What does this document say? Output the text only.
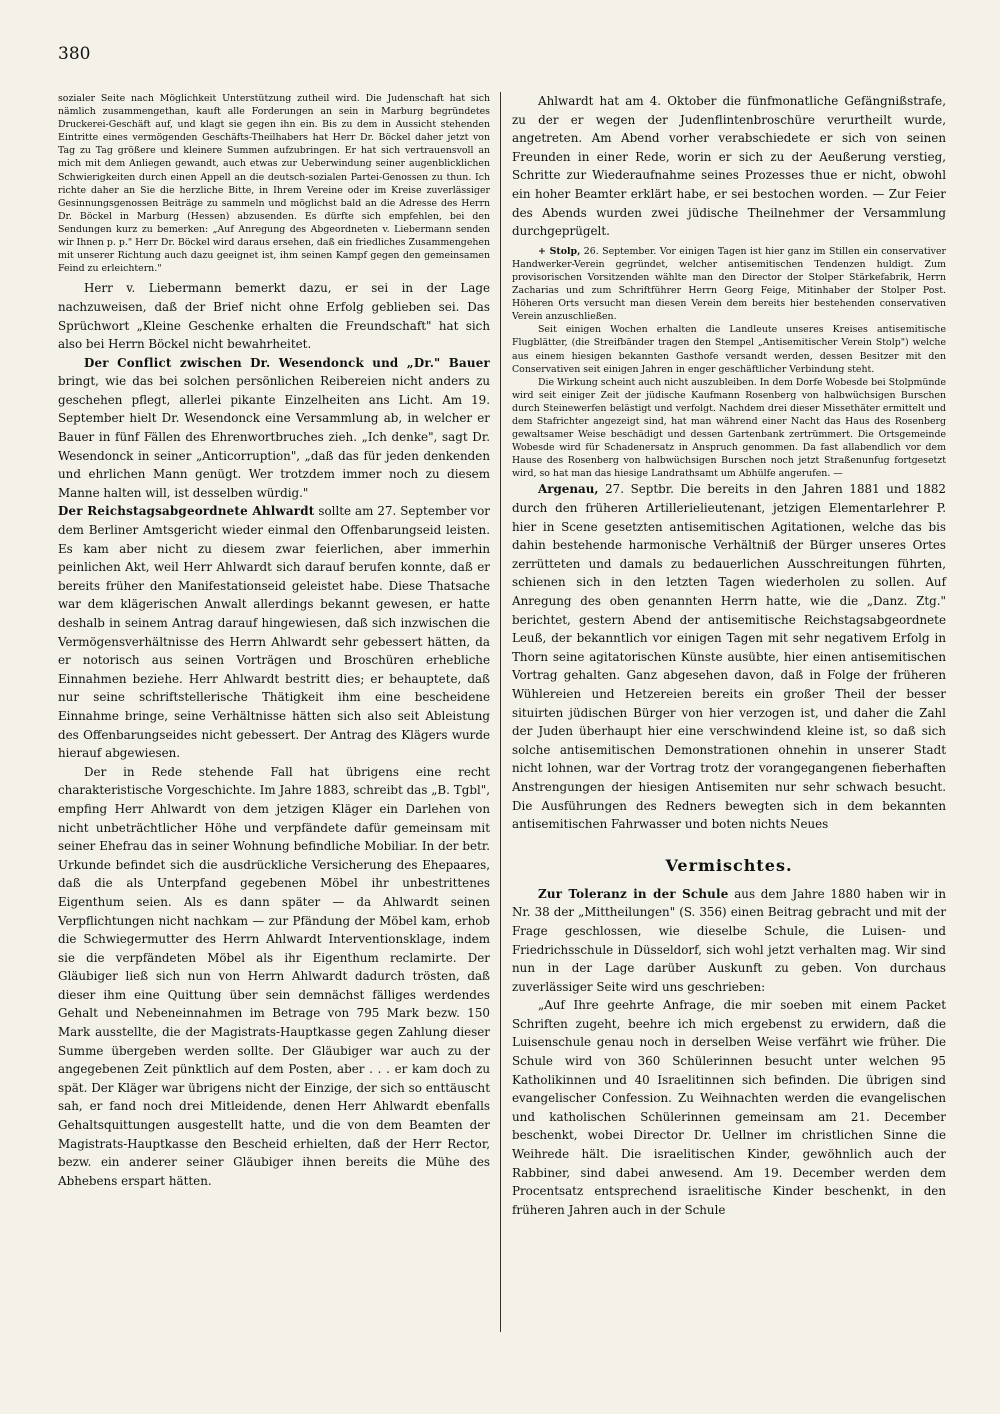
380

sozialer Seite nach Möglichkeit Unterstützung zutheil wird. Die Judenschaft hat sich nämlich zusammengethan, kauft alle Forderungen an sein in Marburg begründetes Druckerei-Geschäft auf, und klagt sie gegen ihn ein. Bis zu dem in Aussicht stehenden Eintritte eines vermögenden Geschäfts-Theilhabers hat Herr Dr. Böckel daher jetzt von Tag zu Tag größere und kleinere Summen aufzubringen. Er hat sich vertrauensvoll an mich mit dem Anliegen gewandt, auch etwas zur Ueberwindung seiner augenblicklichen Schwierigkeiten durch einen Appell an die deutsch-sozialen Partei-Genossen zu thun. Ich richte daher an Sie die herzliche Bitte, in Ihrem Vereine oder im Kreise zuverlässiger Gesinnungsgenossen Beiträge zu sammeln und möglichst bald an die Adresse des Herrn Dr. Böckel in Marburg (Hessen) abzusenden. Es dürfte sich empfehlen, bei den Sendungen kurz zu bemerken: „Auf Anregung des Abgeordneten v. Liebermann senden wir Ihnen p. p." Herr Dr. Böckel wird daraus ersehen, daß ein friedliches Zusammengehen mit unserer Richtung auch dazu geeignet ist, ihm seinen Kampf gegen den gemeinsamen Feind zu erleichtern."

Herr v. Liebermann bemerkt dazu, er sei in der Lage nachzuweisen, daß der Brief nicht ohne Erfolg geblieben sei. Das Sprüchwort „Kleine Geschenke erhalten die Freundschaft" hat sich also bei Herrn Böckel nicht bewahrheitet.

Der Conflict zwischen Dr. Wesendonck und „Dr." Bauer bringt, wie das bei solchen persönlichen Reibereien nicht anders zu geschehen pflegt, allerlei pikante Einzelheiten ans Licht. Am 19. September hielt Dr. Wesendonck eine Versammlung ab, in welcher er Bauer in fünf Fällen des Ehrenwortbruches zieh. „Ich denke", sagt Dr. Wesendonck in seiner „Anticorruption", „daß das für jeden denkenden und ehrlichen Mann genügt. Wer trotzdem immer noch zu diesem Manne halten will, ist desselben würdig."

Der Reichstagsabgeordnete Ahlwardt sollte am 27. September vor dem Berliner Amtsgericht wieder einmal den Offenbarungseid leisten. Es kam aber nicht zu diesem zwar feierlichen, aber immerhin peinlichen Akt, weil Herr Ahlwardt sich darauf berufen konnte, daß er bereits früher den Manifestationseid geleistet habe. Diese Thatsache war dem klägerischen Anwalt allerdings bekannt gewesen, er hatte deshalb in seinem Antrag darauf hingewiesen, daß sich inzwischen die Vermögensverhältnisse des Herrn Ahlwardt sehr gebessert hätten, da er notorisch aus seinen Vorträgen und Broschüren erhebliche Einnahmen beziehe. Herr Ahlwardt bestritt dies; er behauptete, daß nur seine schriftstellerische Thätigkeit ihm eine bescheidene Einnahme bringe, seine Verhältnisse hätten sich also seit Ableistung des Offenbarungseides nicht gebessert. Der Antrag des Klägers wurde hierauf abgewiesen.

Der in Rede stehende Fall hat übrigens eine recht charakteristische Vorgeschichte. Im Jahre 1883, schreibt das „B. Tgbl", empfing Herr Ahlwardt von dem jetzigen Kläger ein Darlehen von nicht unbeträchtlicher Höhe und verpfändete dafür gemeinsam mit seiner Ehefrau das in seiner Wohnung befindliche Mobiliar. In der betr. Urkunde befindet sich die ausdrückliche Versicherung des Ehepaares, daß die als Unterpfand gegebenen Möbel ihr unbestrittenes Eigenthum seien. Als es dann später — da Ahlwardt seinen Verpflichtungen nicht nachkam — zur Pfändung der Möbel kam, erhob die Schwiegermutter des Herrn Ahlwardt Interventionsklage, indem sie die verpfändeten Möbel als ihr Eigenthum reclamirte. Der Gläubiger ließ sich nun von Herrn Ahlwardt dadurch trösten, daß dieser ihm eine Quittung über sein demnächst fälliges werdendes Gehalt und Nebeneinnahmen im Betrage von 795 Mark bezw. 150 Mark ausstellte, die der Magistrats-Hauptkasse gegen Zahlung dieser Summe übergeben werden sollte. Der Gläubiger war auch zu der angegebenen Zeit pünktlich auf dem Posten, aber . . . er kam doch zu spät. Der Kläger war übrigens nicht der Einzige, der sich so enttäuscht sah, er fand noch drei Mitleidende, denen Herr Ahlwardt ebenfalls Gehaltsquittungen ausgestellt hatte, und die von dem Beamten der Magistrats-Hauptkasse den Bescheid erhielten, daß der Herr Rector, bezw. ein anderer seiner Gläubiger ihnen bereits die Mühe des Abhebens erspart hätten.

Ahlwardt hat am 4. Oktober die fünfmonatliche Gefängnißstrafe, zu der er wegen der Judenflintenbroschüre verurtheilt wurde, angetreten. Am Abend vorher verabschiedete er sich von seinen Freunden in einer Rede, worin er sich zu der Aeußerung verstieg, Schritte zur Wiederaufnahme seines Prozesses thue er nicht, obwohl ein hoher Beamter erklärt habe, er sei bestochen worden. — Zur Feier des Abends wurden zwei jüdische Theilnehmer der Versammlung durchgeprügelt.

+ Stolp, 26. September. Vor einigen Tagen ist hier ganz im Stillen ein conservativer Handwerker-Verein gegründet, welcher antisemitischen Tendenzen huldigt. Zum provisorischen Vorsitzenden wählte man den Director der Stolper Stärkefabrik, Herrn Zacharias und zum Schriftführer Herrn Georg Feige, Mitinhaber der Stolper Post. Höheren Orts versucht man diesen Verein dem bereits hier bestehenden conservativen Verein anzuschließen.

Seit einigen Wochen erhalten die Landleute unseres Kreises antisemitische Flugblätter, (die Streifbänder tragen den Stempel „Antisemitischer Verein Stolp") welche aus einem hiesigen bekannten Gasthofe versandt werden, dessen Besitzer mit den Conservativen seit einigen Jahren in enger geschäftlicher Verbindung steht.

Die Wirkung scheint auch nicht auszubleiben. In dem Dorfe Wobesde bei Stolpmünde wird seit einiger Zeit der jüdische Kaufmann Rosenberg von halbwüchsigen Burschen durch Steinewerfen belästigt und verfolgt. Nachdem drei dieser Missethäter ermittelt und dem Stafrichter angezeigt sind, hat man während einer Nacht das Haus des Rosenberg gewaltsamer Weise beschädigt und dessen Gartenbank zertrümmert. Die Ortsgemeinde Wobesde wird für Schadenersatz in Anspruch genommen. Da fast allabendlich vor dem Hause des Rosenberg von halbwüchsigen Burschen noch jetzt Straßenunfug fortgesetzt wird, so hat man das hiesige Landrathsamt um Abhülfe angerufen. —

Argenau, 27. Septbr. Die bereits in den Jahren 1881 und 1882 durch den früheren Artillerielieutenant, jetzigen Elementarlehrer P. hier in Scene gesetzten antisemitischen Agitationen, welche das bis dahin bestehende harmonische Verhältniß der Bürger unseres Ortes zerrütteten und damals zu bedauerlichen Ausschreitungen führten, schienen sich in den letzten Tagen wiederholen zu sollen. Auf Anregung des oben genannten Herrn hatte, wie die „Danz. Ztg." berichtet, gestern Abend der antisemitische Reichstagsabgeordnete Leuß, der bekanntlich vor einigen Tagen mit sehr negativem Erfolg in Thorn seine agitatorischen Künste ausübte, hier einen antisemitischen Vortrag gehalten. Ganz abgesehen davon, daß in Folge der früheren Wühlereien und Hetzereien bereits ein großer Theil der besser situirten jüdischen Bürger von hier verzogen ist, und daher die Zahl der Juden überhaupt hier eine verschwindend kleine ist, so daß sich solche antisemitischen Demonstrationen ohnehin in unserer Stadt nicht lohnen, war der Vortrag trotz der vorangegangenen fieberhaften Anstrengungen der hiesigen Antisemiten nur sehr schwach besucht. Die Ausführungen des Redners bewegten sich in dem bekannten antisemitischen Fahrwasser und boten nichts Neues

Vermischtes.

Zur Toleranz in der Schule aus dem Jahre 1880 haben wir in Nr. 38 der „Mittheilungen" (S. 356) einen Beitrag gebracht und mit der Frage geschlossen, wie dieselbe Schule, die Luisen- und Friedrichsschule in Düsseldorf, sich wohl jetzt verhalten mag. Wir sind nun in der Lage darüber Auskunft zu geben. Von durchaus zuverlässiger Seite wird uns geschrieben:

„Auf Ihre geehrte Anfrage, die mir soeben mit einem Packet Schriften zugeht, beehre ich mich ergebenst zu erwidern, daß die Luisenschule genau noch in derselben Weise verfährt wie früher. Die Schule wird von 360 Schülerinnen besucht unter welchen 95 Katholikinnen und 40 Israelitinnen sich befinden. Die übrigen sind evangelischer Confession. Zu Weihnachten werden die evangelischen und katholischen Schülerinnen gemeinsam am 21. December beschenkt, wobei Director Dr. Uellner im christlichen Sinne die Weihrede hält. Die israelitischen Kinder, gewöhnlich auch der Rabbiner, sind dabei anwesend. Am 19. December werden dem Procentsatz entsprechend israelitische Kinder beschenkt, in den früheren Jahren auch in der Schule
